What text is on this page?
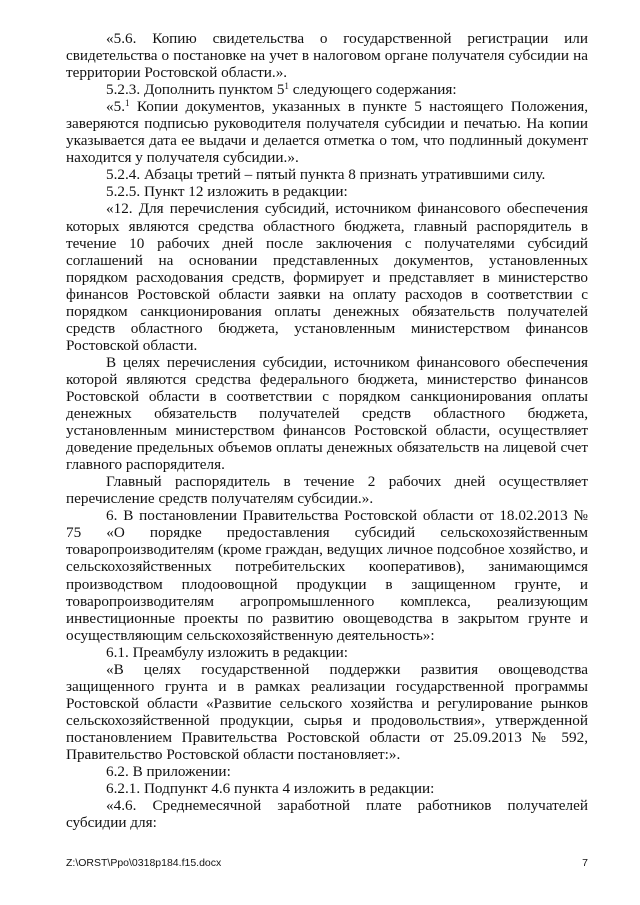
«5.6. Копию свидетельства о государственной регистрации или свидетельства о постановке на учет в налоговом органе получателя субсидии на территории Ростовской области.».

5.2.3. Дополнить пунктом $5^1$ следующего содержания:

«5.$^1$ Копии документов, указанных в пункте 5 настоящего Положения, заверяются подписью руководителя получателя субсидии и печатью. На копии указывается дата ее выдачи и делается отметка о том, что подлинный документ находится у получателя субсидии.».

5.2.4. Абзацы третий – пятый пункта 8 признать утратившими силу.

5.2.5. Пункт 12 изложить в редакции:

«12. Для перечисления субсидий, источником финансового обеспечения которых являются средства областного бюджета, главный распорядитель в течение 10 рабочих дней после заключения с получателями субсидий соглашений на основании представленных документов, установленных порядком расходования средств, формирует и представляет в министерство финансов Ростовской области заявки на оплату расходов в соответствии с порядком санкционирования оплаты денежных обязательств получателей средств областного бюджета, установленным министерством финансов Ростовской области.

В целях перечисления субсидии, источником финансового обеспечения которой являются средства федерального бюджета, министерство финансов Ростовской области в соответствии с порядком санкционирования оплаты денежных обязательств получателей средств областного бюджета, установленным министерством финансов Ростовской области, осуществляет доведение предельных объемов оплаты денежных обязательств на лицевой счет главного распорядителя.

Главный распорядитель в течение 2 рабочих дней осуществляет перечисление средств получателям субсидии.».

6. В постановлении Правительства Ростовской области от 18.02.2013 № 75 «О порядке предоставления субсидий сельскохозяйственным товаропроизводителям (кроме граждан, ведущих личное подсобное хозяйство, и сельскохозяйственных потребительских кооперативов), занимающимся производством плодоовощной продукции в защищенном грунте, и товаропроизводителям агропромышленного комплекса, реализующим инвестиционные проекты по развитию овощеводства в закрытом грунте и осуществляющим сельскохозяйственную деятельность»:

6.1. Преамбулу изложить в редакции:

«В целях государственной поддержки развития овощеводства защищенного грунта и в рамках реализации государственной программы Ростовской области «Развитие сельского хозяйства и регулирование рынков сельскохозяйственной продукции, сырья и продовольствия», утвержденной постановлением Правительства Ростовской области от 25.09.2013 № 592, Правительство Ростовской области постановляет:».

6.2. В приложении:

6.2.1. Подпункт 4.6 пункта 4 изложить в редакции:

«4.6. Среднемесячной заработной плате работников получателей субсидии для:

Z:\ORST\Ppo\0318p184.f15.docx	7
